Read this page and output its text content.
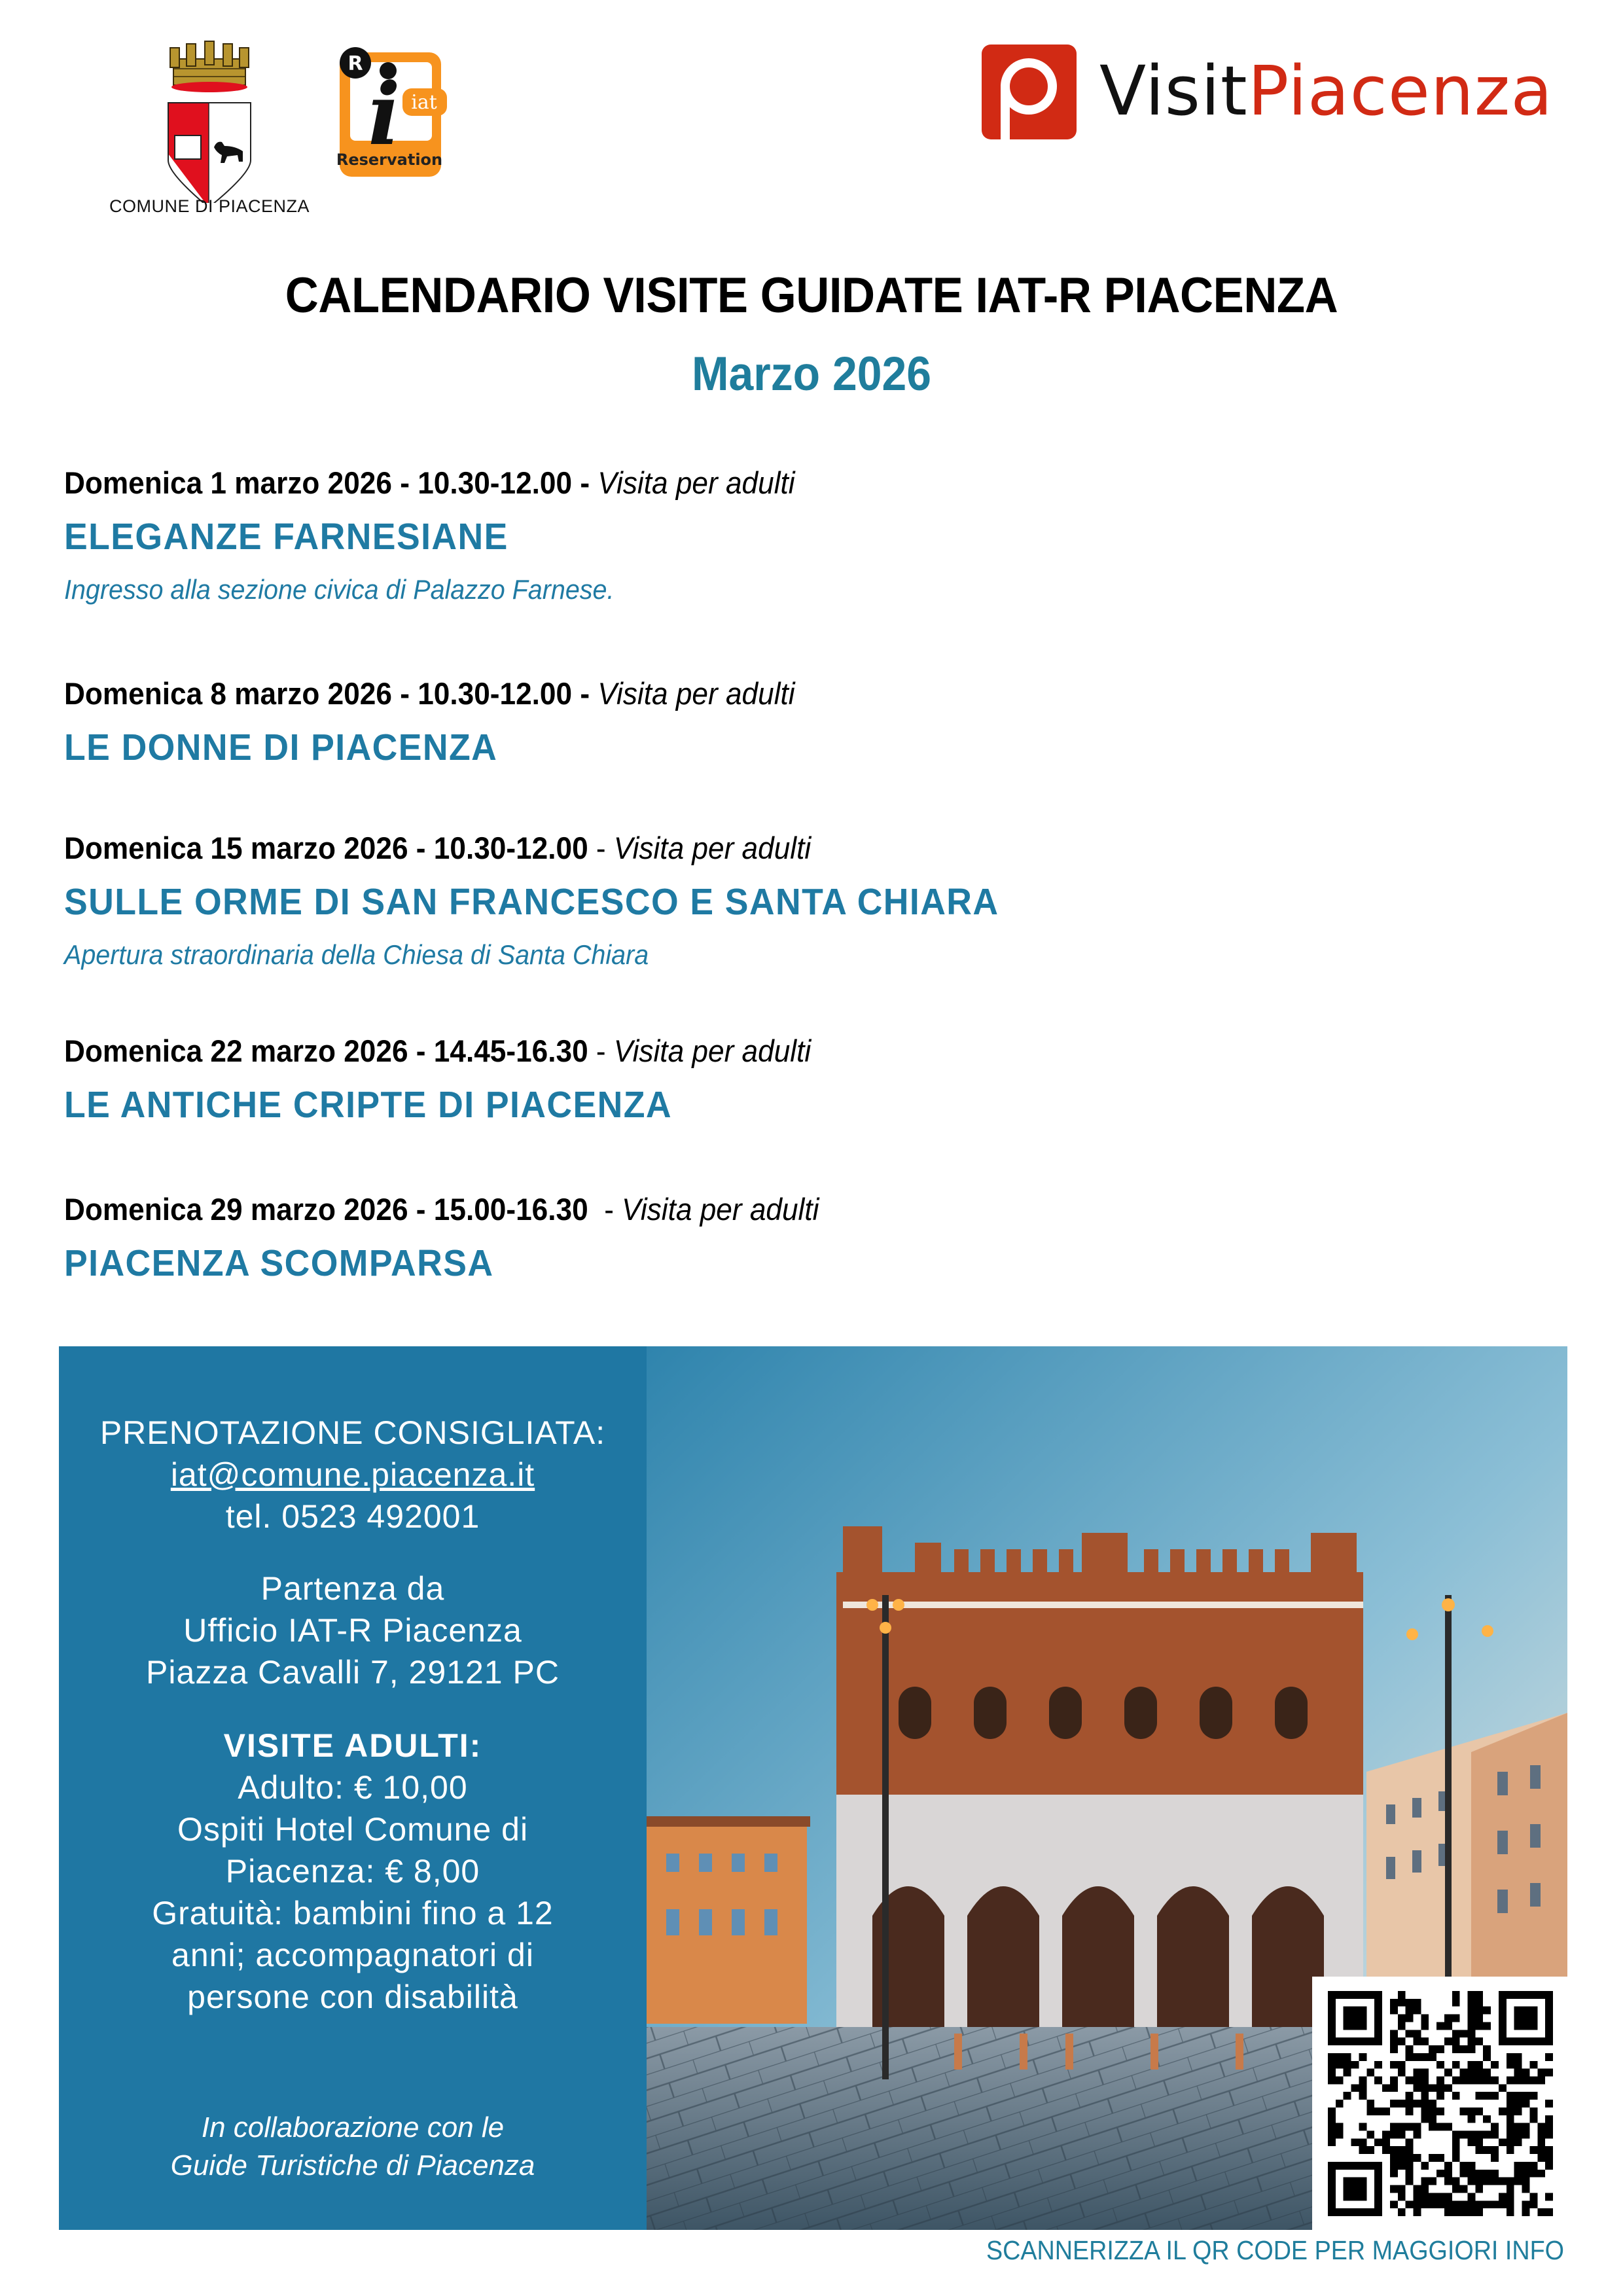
COMUNE DI PIACENZA
iat
R
i
Reservation
VisitPiacenza
CALENDARIO VISITE GUIDATE IAT-R PIACENZA
Marzo 2026
Domenica 1 marzo 2026 - 10.30-12.00 - Visita per adulti
ELEGANZE FARNESIANE
Ingresso alla sezione civica di Palazzo Farnese.
Domenica 8 marzo 2026 - 10.30-12.00 - Visita per adulti
LE DONNE DI PIACENZA
Domenica 15 marzo 2026 - 10.30-12.00 - Visita per adulti
SULLE ORME DI SAN FRANCESCO E SANTA CHIARA
Apertura straordinaria della Chiesa di Santa Chiara
Domenica 22 marzo 2026 - 14.45-16.30 - Visita per adulti
LE ANTICHE CRIPTE DI PIACENZA
Domenica 29 marzo 2026 - 15.00-16.30  - Visita per adulti
PIACENZA SCOMPARSA
PRENOTAZIONE CONSIGLIATA:
iat@comune.piacenza.it
tel. 0523 492001
Partenza da
Ufficio IAT-R Piacenza
Piazza Cavalli 7, 29121 PC
VISITE ADULTI:
Adulto: € 10,00
Ospiti Hotel Comune di
Piacenza: € 8,00
Gratuità: bambini fino a 12
anni; accompagnatori di
persone con disabilità
In collaborazione con le
Guide Turistiche di Piacenza
SCANNERIZZA IL QR CODE PER MAGGIORI INFO
